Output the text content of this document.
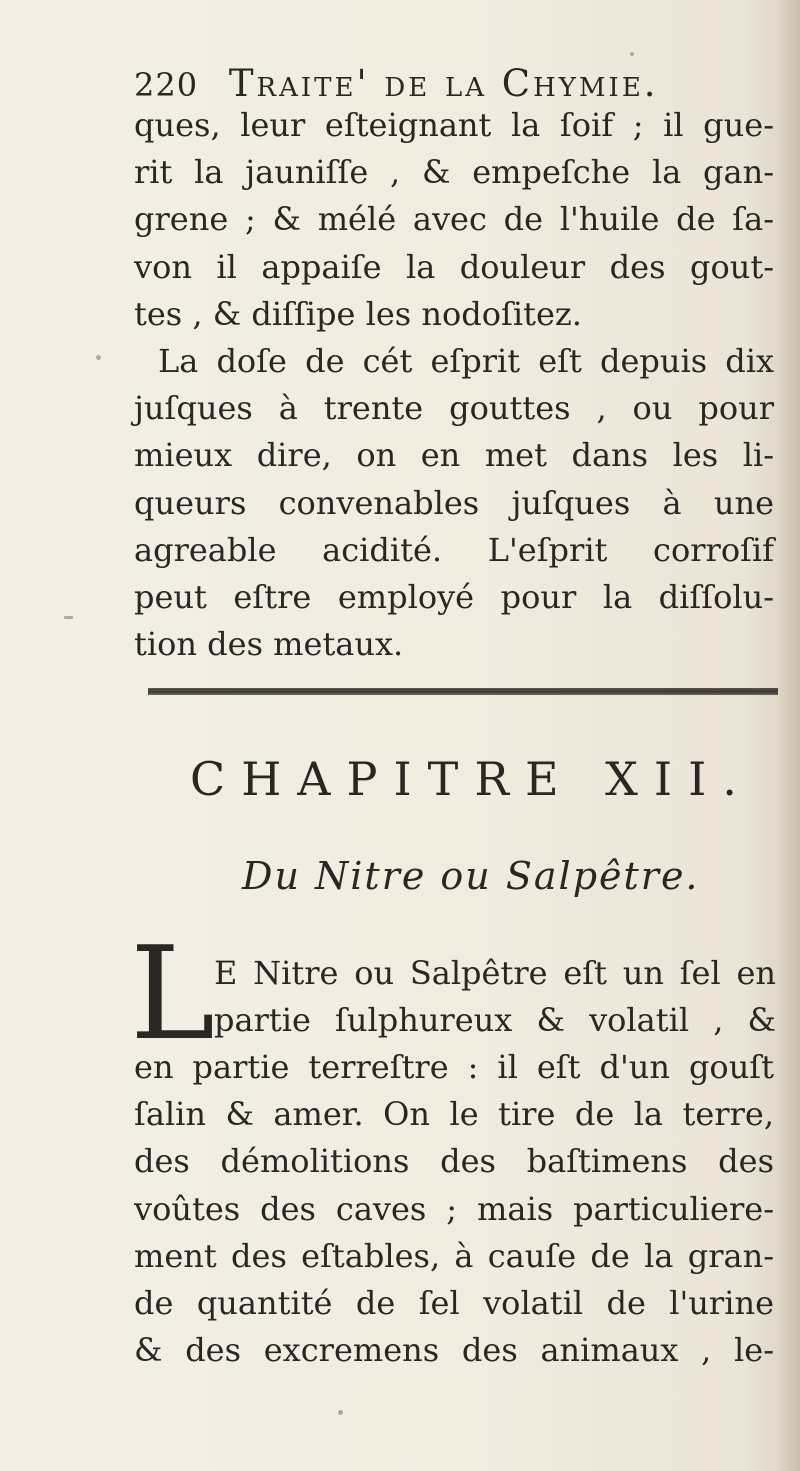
220 Traite' de la Chymie.
ques, leur eſteignant la ſoif ; il gue-
rit la jauniſſe , & empeſche la gan-
grene ; & mélé avec de l'huile de ſa-
von il appaiſe la douleur des gout-
tes , & diſſipe les nodoſitez.
La doſe de cét eſprit eſt depuis dix
juſques à trente gouttes , ou pour
mieux dire, on en met dans les li-
queurs convenables juſques à une
agreable acidité. L'eſprit corroſif
peut eſtre employé pour la diſſolu-
tion des metaux.
CHAPITRE XII.
Du Nitre ou Salpêtre.
L E Nitre ou Salpêtre eſt un ſel en
partie ſulphureux & volatil , &
en partie terreſtre : il eſt d'un gouſt
ſalin & amer. On le tire de la terre,
des démolitions des baſtimens des
voûtes des caves ; mais particuliere-
ment des eſtables, à cauſe de la gran-
de quantité de ſel volatil de l'urine
& des excremens des animaux , le-
